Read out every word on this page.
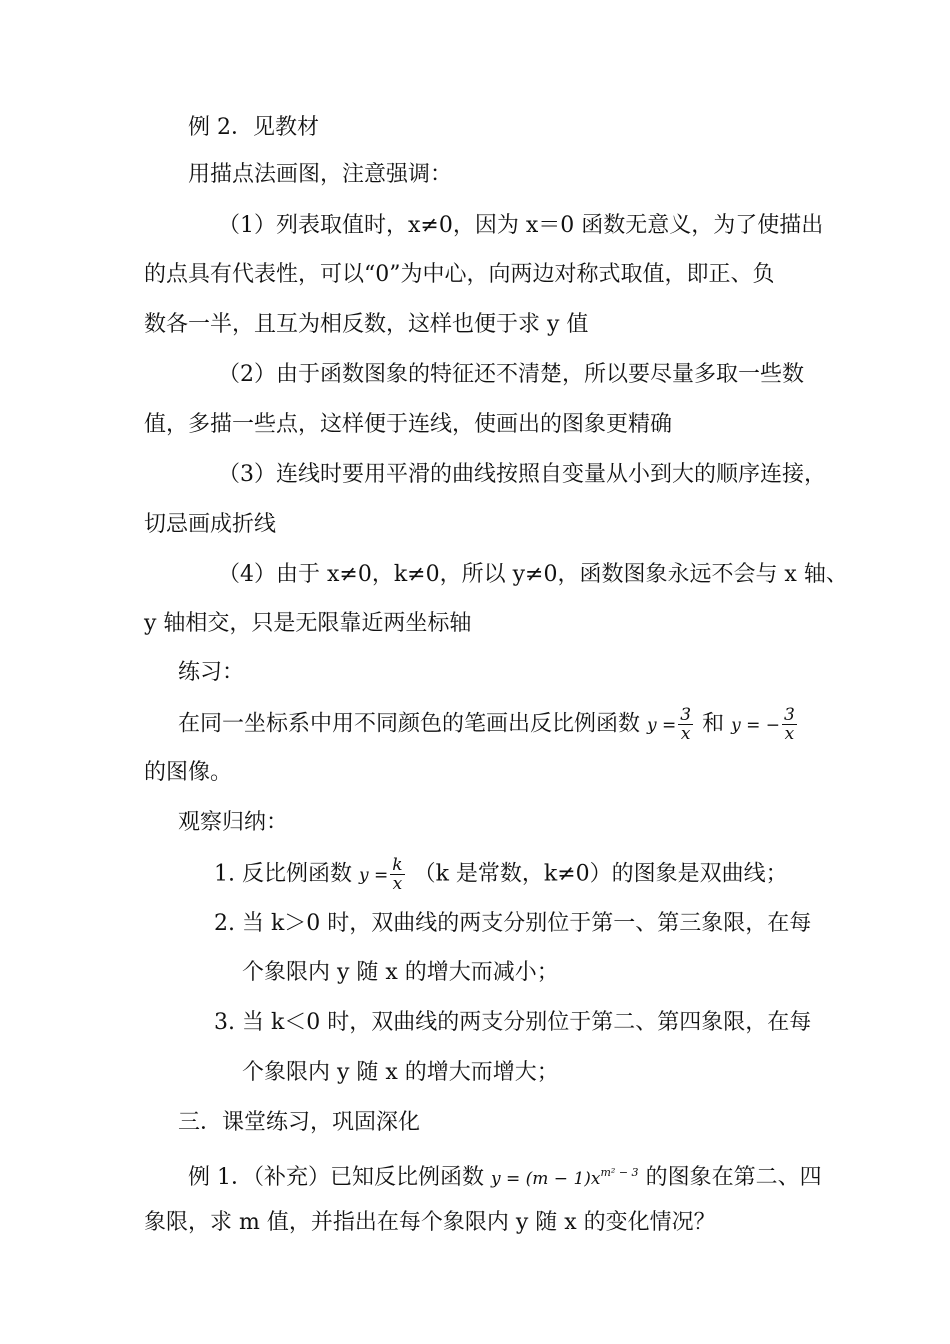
例 2．见教材
用描点法画图，注意强调：
（1）列表取值时，x≠0，因为 x＝0 函数无意义，为了使描出
的点具有代表性，可以“0”为中心，向两边对称式取值，即正、负
数各一半，且互为相反数，这样也便于求 y 值
（2）由于函数图象的特征还不清楚，所以要尽量多取一些数
值，多描一些点，这样便于连线，使画出的图象更精确
（3）连线时要用平滑的曲线按照自变量从小到大的顺序连接，
切忌画成折线
（4）由于 x≠0，k≠0，所以 y≠0，函数图象永远不会与 x 轴、
y 轴相交，只是无限靠近两坐标轴
练习：
在同一坐标系中用不同颜色的笔画出反比例函数 $y = \frac{3}{x}$ 和 y = − $\frac{3}{x}$
的图像。
观察归纳：
1. 反比例函数 $y = \frac{k}{x} (k$ 是常数，k≠0）的图象是双曲线；
2. 当 k＞0 时，双曲线的两支分别位于第一、第三象限，在每
个象限内 y 随 x 的增大而减小；
3. 当 k＜0 时，双曲线的两支分别位于第二、第四象限，在每
个象限内 y 随 x 的增大而增大；
三．课堂练习，巩固深化
例 1．（补充）已知反比例函数 $y = (m - 1)x^{m^2 - 3}$ 的图象在第二、四
象限，求 m 值，并指出在每个象限内 y 随 x 的变化情况？
